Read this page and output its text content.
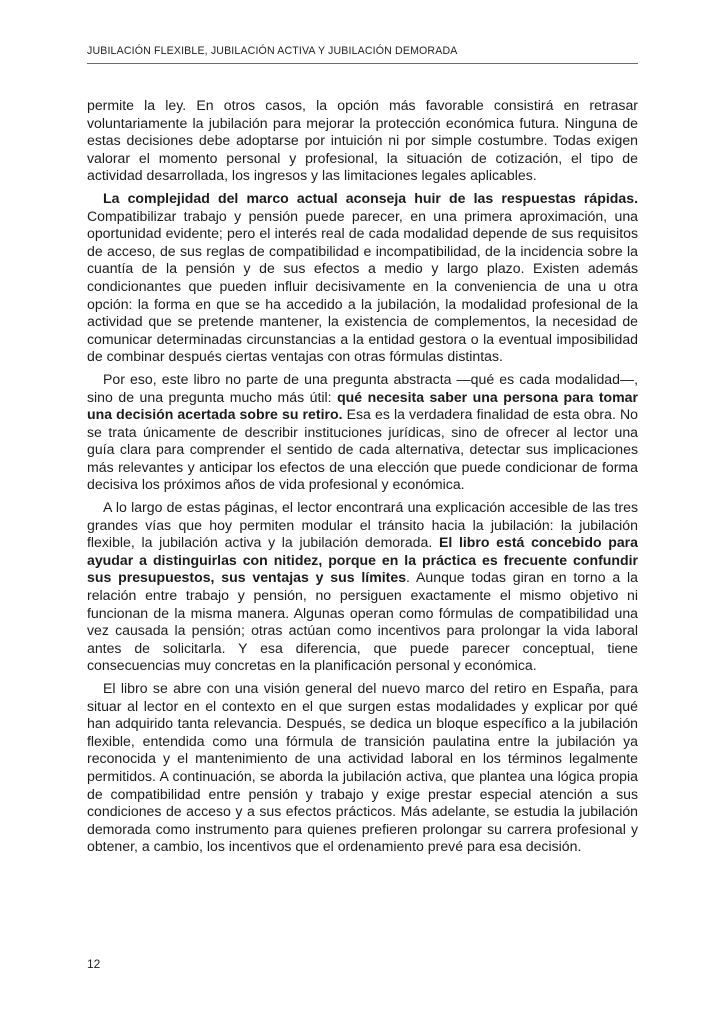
JUBILACIÓN FLEXIBLE, JUBILACIÓN ACTIVA Y JUBILACIÓN DEMORADA

permite la ley. En otros casos, la opción más favorable consistirá en retrasar voluntariamente la jubilación para mejorar la protección económica futura. Ninguna de estas decisiones debe adoptarse por intuición ni por simple costumbre. Todas exigen valorar el momento personal y profesional, la situación de cotización, el tipo de actividad desarrollada, los ingresos y las limitaciones legales aplicables.

La complejidad del marco actual aconseja huir de las respuestas rápidas. Compatibilizar trabajo y pensión puede parecer, en una primera aproximación, una oportunidad evidente; pero el interés real de cada modalidad depende de sus requisitos de acceso, de sus reglas de compatibilidad e incompatibilidad, de la incidencia sobre la cuantía de la pensión y de sus efectos a medio y largo plazo. Existen además condicionantes que pueden influir decisivamente en la conveniencia de una u otra opción: la forma en que se ha accedido a la jubilación, la modalidad profesional de la actividad que se pretende mantener, la existencia de complementos, la necesidad de comunicar determinadas circunstancias a la entidad gestora o la eventual imposibilidad de combinar después ciertas ventajas con otras fórmulas distintas.

Por eso, este libro no parte de una pregunta abstracta —qué es cada modalidad—, sino de una pregunta mucho más útil: qué necesita saber una persona para tomar una decisión acertada sobre su retiro. Esa es la verdadera finalidad de esta obra. No se trata únicamente de describir instituciones jurídicas, sino de ofrecer al lector una guía clara para comprender el sentido de cada alternativa, detectar sus implicaciones más relevantes y anticipar los efectos de una elección que puede condicionar de forma decisiva los próximos años de vida profesional y económica.

A lo largo de estas páginas, el lector encontrará una explicación accesible de las tres grandes vías que hoy permiten modular el tránsito hacia la jubilación: la jubilación flexible, la jubilación activa y la jubilación demorada. El libro está concebido para ayudar a distinguirlas con nitidez, porque en la práctica es frecuente confundir sus presupuestos, sus ventajas y sus límites. Aunque todas giran en torno a la relación entre trabajo y pensión, no persiguen exactamente el mismo objetivo ni funcionan de la misma manera. Algunas operan como fórmulas de compatibilidad una vez causada la pensión; otras actúan como incentivos para prolongar la vida laboral antes de solicitarla. Y esa diferencia, que puede parecer conceptual, tiene consecuencias muy concretas en la planificación personal y económica.

El libro se abre con una visión general del nuevo marco del retiro en España, para situar al lector en el contexto en el que surgen estas modalidades y explicar por qué han adquirido tanta relevancia. Después, se dedica un bloque específico a la jubilación flexible, entendida como una fórmula de transición paulatina entre la jubilación ya reconocida y el mantenimiento de una actividad laboral en los términos legalmente permitidos. A continuación, se aborda la jubilación activa, que plantea una lógica propia de compatibilidad entre pensión y trabajo y exige prestar especial atención a sus condiciones de acceso y a sus efectos prácticos. Más adelante, se estudia la jubilación demorada como instrumento para quienes prefieren prolongar su carrera profesional y obtener, a cambio, los incentivos que el ordenamiento prevé para esa decisión.

12
